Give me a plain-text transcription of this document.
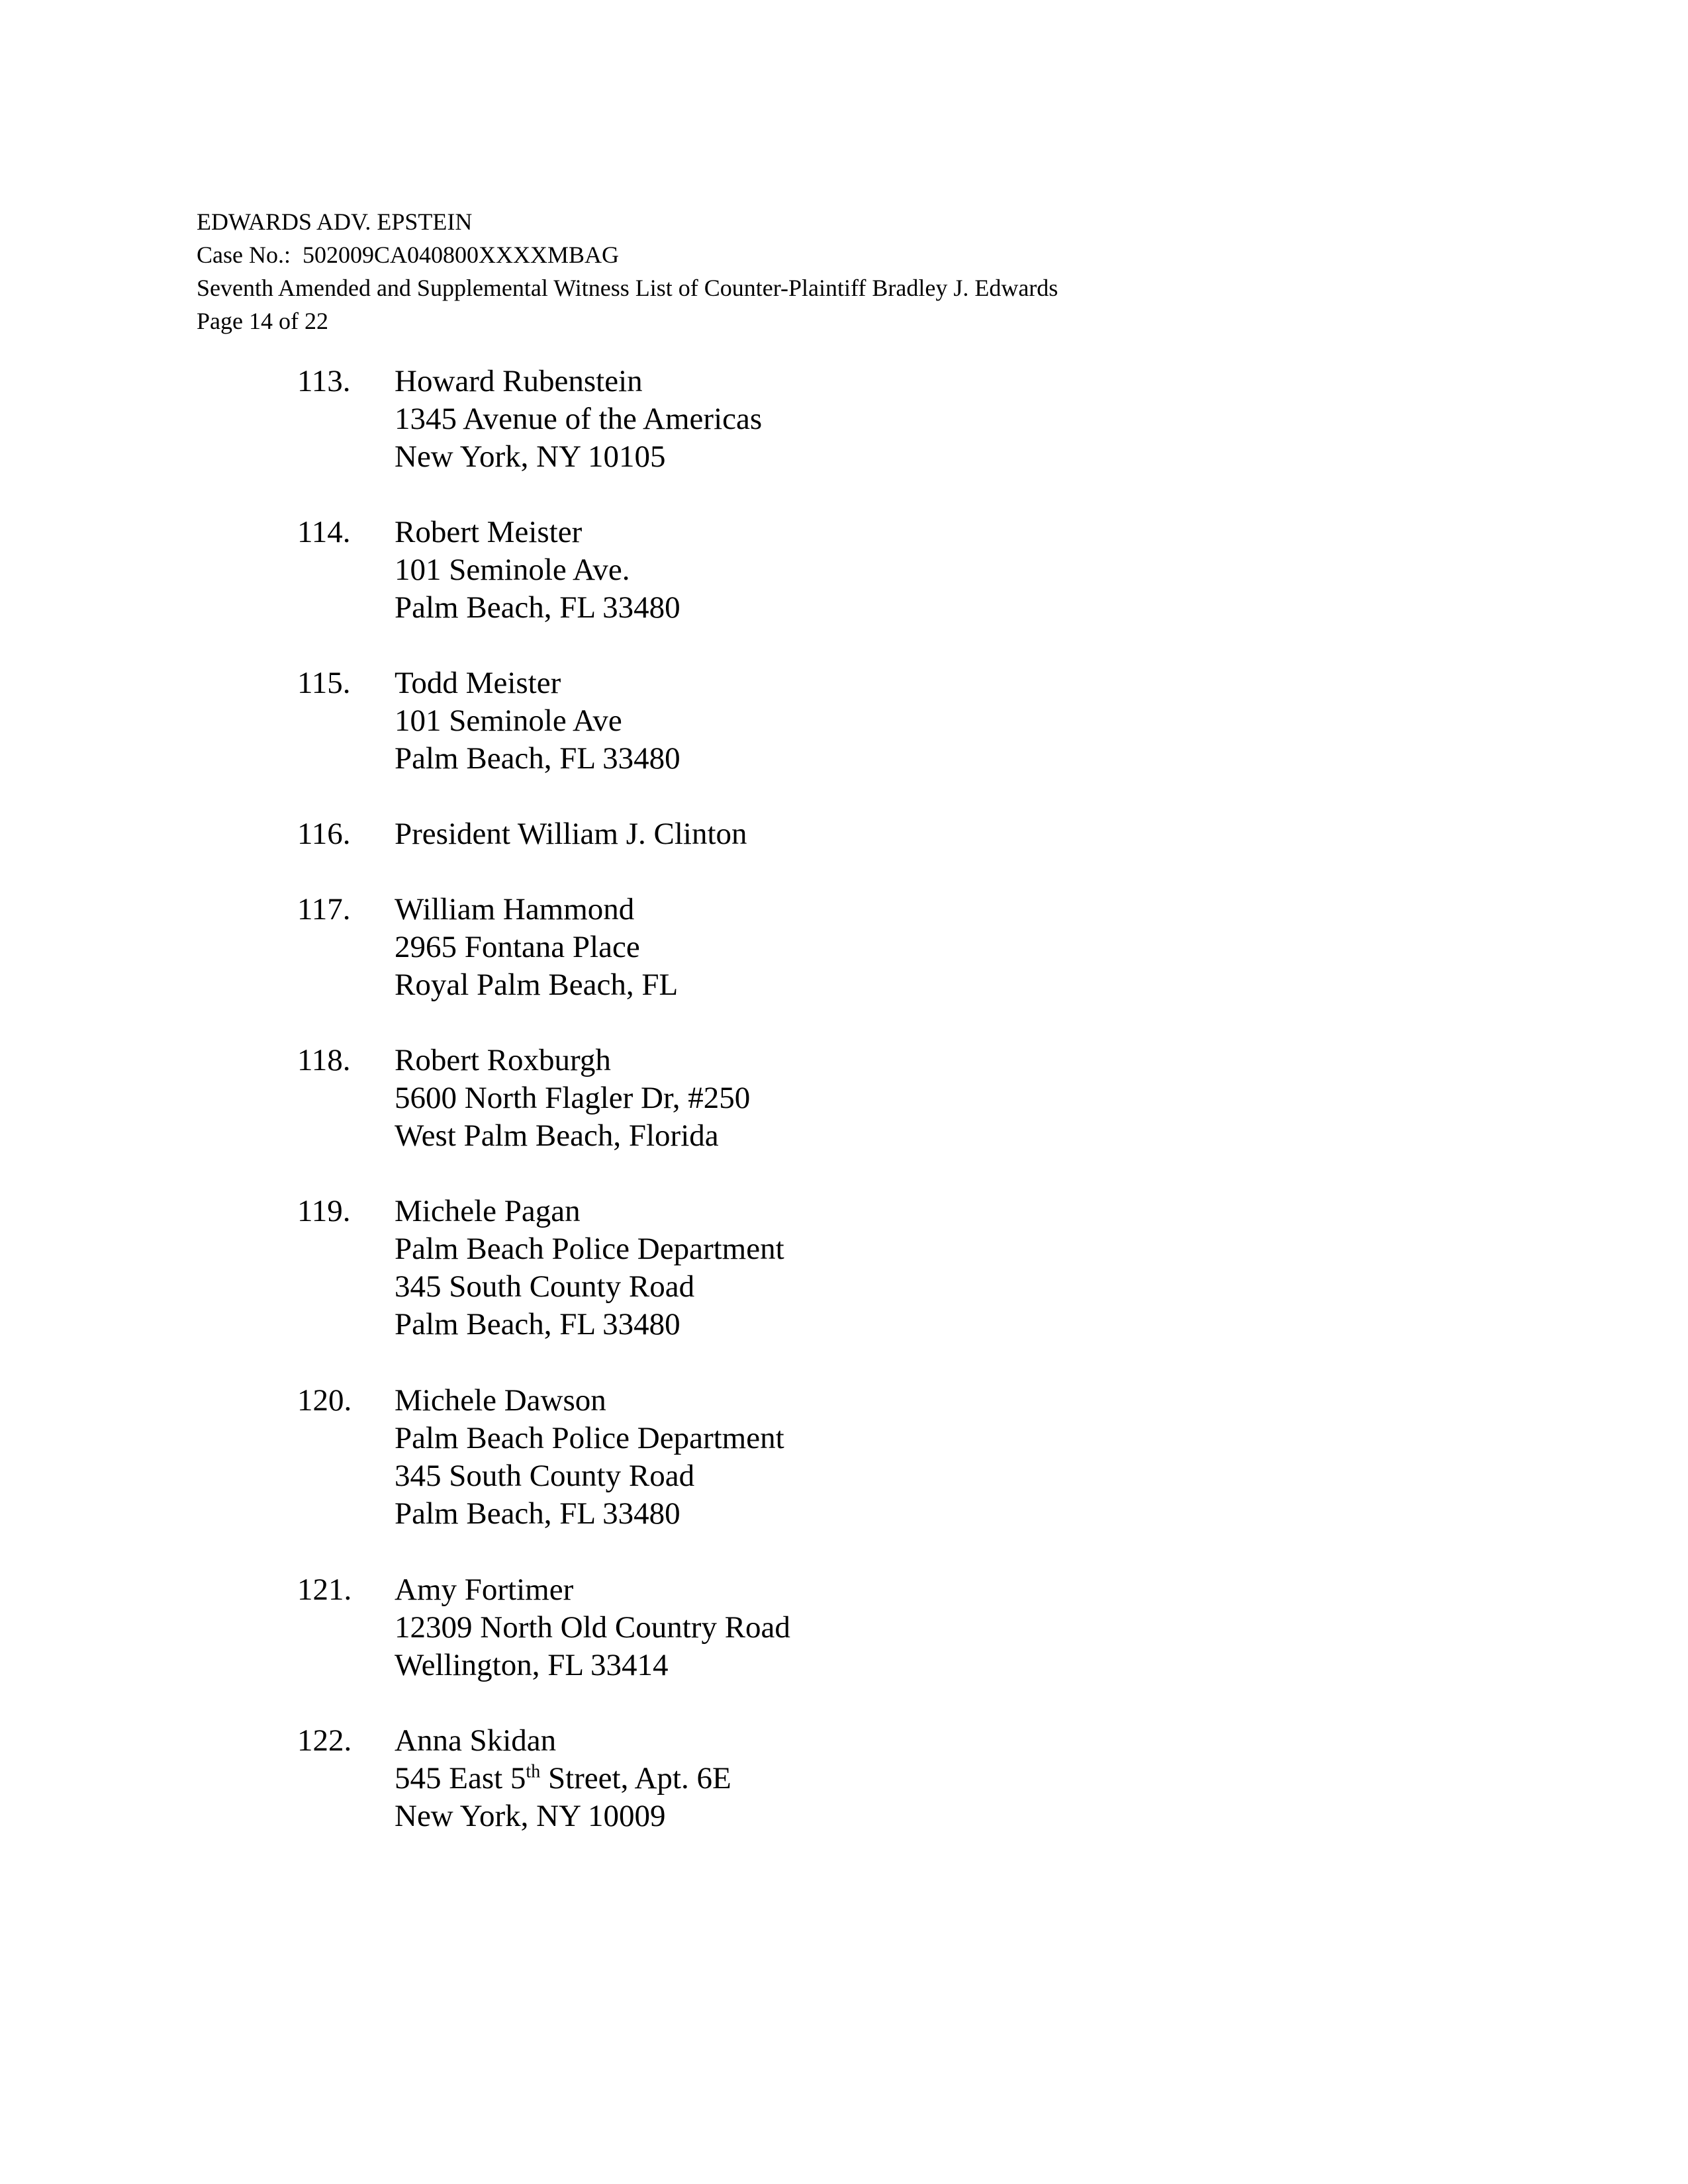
EDWARDS ADV. EPSTEIN
Case No.: 502009CA040800XXXXMBAG
Seventh Amended and Supplemental Witness List of Counter-Plaintiff Bradley J. Edwards
Page 14 of 22
113. Howard Rubenstein
1345 Avenue of the Americas
New York, NY 10105
114. Robert Meister
101 Seminole Ave.
Palm Beach, FL 33480
115. Todd Meister
101 Seminole Ave
Palm Beach, FL 33480
116. President William J. Clinton
117. William Hammond
2965 Fontana Place
Royal Palm Beach, FL
118. Robert Roxburgh
5600 North Flagler Dr, #250
West Palm Beach, Florida
119. Michele Pagan
Palm Beach Police Department
345 South County Road
Palm Beach, FL 33480
120. Michele Dawson
Palm Beach Police Department
345 South County Road
Palm Beach, FL 33480
121. Amy Fortimer
12309 North Old Country Road
Wellington, FL 33414
122. Anna Skidan
545 East 5th Street, Apt. 6E
New York, NY 10009
